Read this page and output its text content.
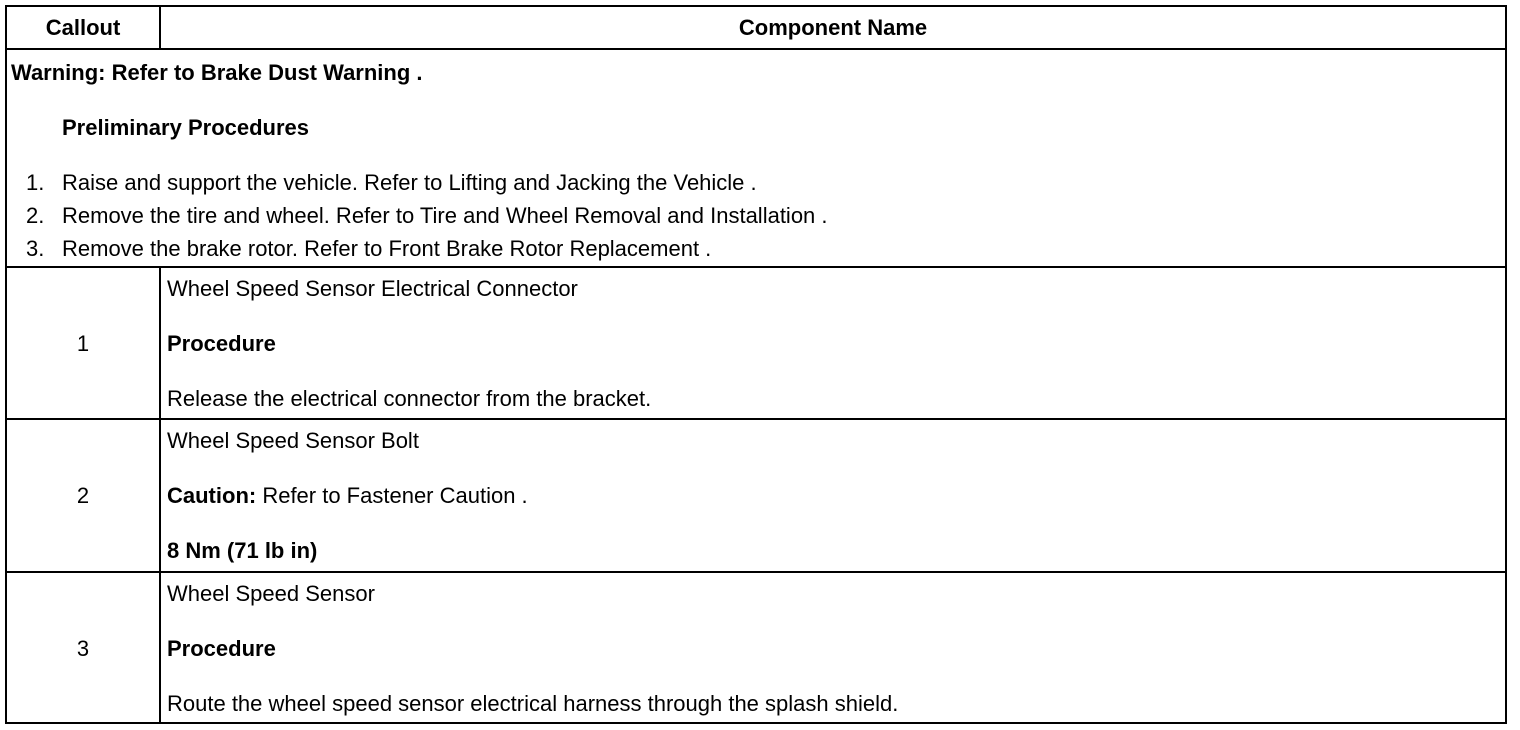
Callout	Component Name
Warning: Refer to Brake Dust Warning .
Preliminary Procedures
1. Raise and support the vehicle. Refer to Lifting and Jacking the Vehicle .
2. Remove the tire and wheel. Refer to Tire and Wheel Removal and Installation .
3. Remove the brake rotor. Refer to Front Brake Rotor Replacement .
1
Wheel Speed Sensor Electrical Connector
Procedure
Release the electrical connector from the bracket.
2
Wheel Speed Sensor Bolt
Caution: Refer to Fastener Caution .
8 Nm (71 lb in)
3
Wheel Speed Sensor
Procedure
Route the wheel speed sensor electrical harness through the splash shield.
